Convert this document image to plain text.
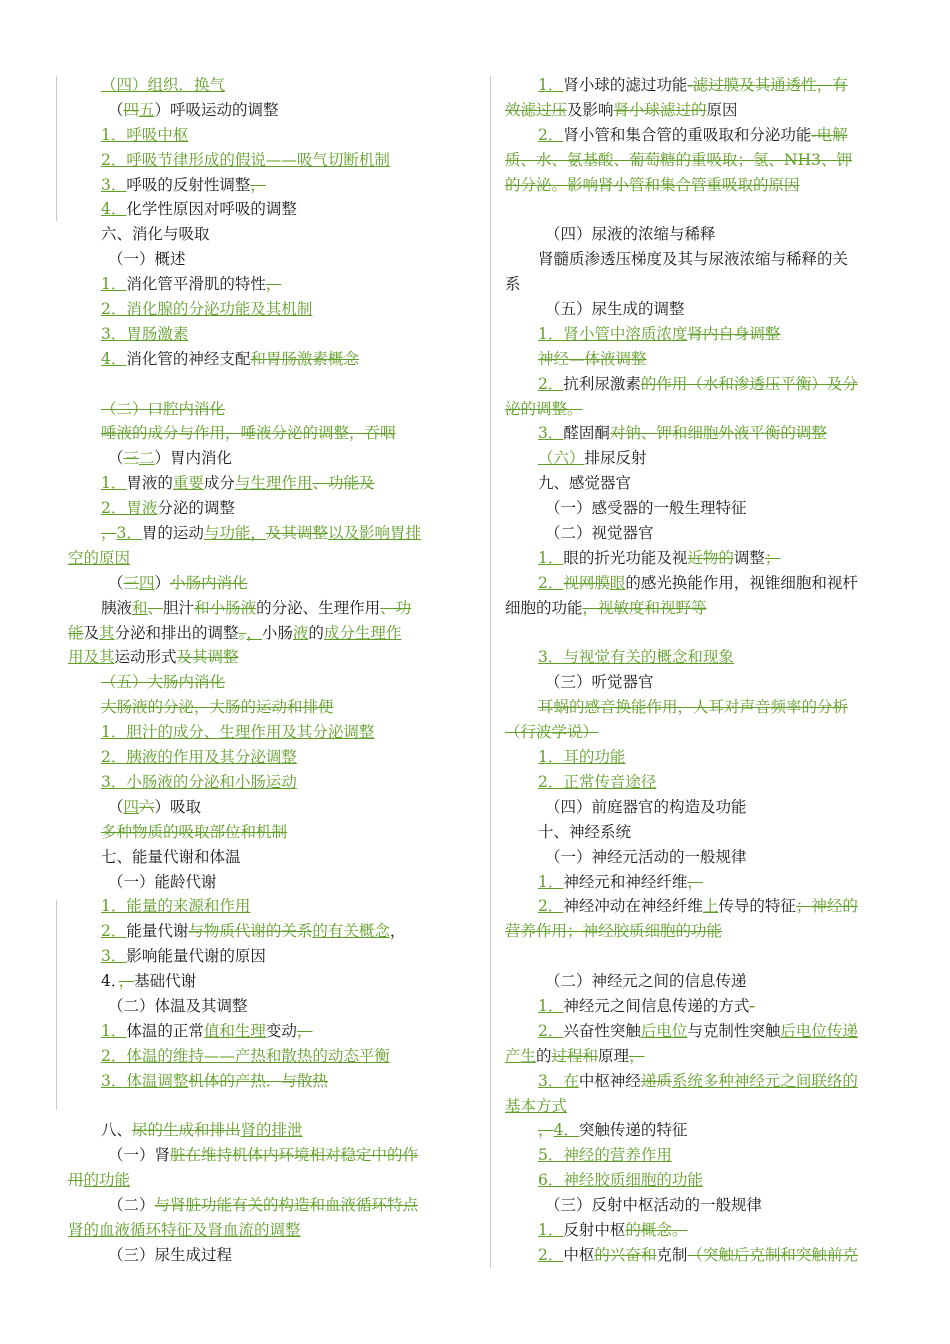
（四）组织．换气
（四五）呼吸运动的调整
1．呼吸中枢
2．呼吸节律形成的假说——吸气切断机制
3．呼吸的反射性调整，
4．化学性原因对呼吸的调整
六、消化与吸取
（一）概述
1．消化管平滑肌的特性，
2．消化腺的分泌功能及其机制
3．胃肠激素
4．消化管的神经支配和胃肠激素概念
（二）口腔内消化
唾液的成分与作用，唾液分泌的调整，吞咽
（三二）胃内消化
1．胃液的重要成分与生理作用、功能及
2．胃液分泌的调整
，3．胃的运动与功能，及其调整以及影响胃排
空的原因
（三四）小肠内消化
胰液和、胆汁和小肠液的分泌、生理作用、功
能及其分泌和排出的调整。，小肠液的成分生理作
用及其运动形式及其调整
（五）大肠内消化
大肠液的分泌，大肠的运动和排便
1．胆汁的成分、生理作用及其分泌调整
2．胰液的作用及其分泌调整
3．小肠液的分泌和小肠运动
（四六）吸取
多种物质的吸取部位和机制
七、能量代谢和体温
（一）能龄代谢
1．能量的来源和作用
2．能量代谢与物质代谢的关系的有关概念，
3．影响能量代谢的原因
4．，基础代谢
（二）体温及其调整
1．体温的正常值和生理变动，
2．体温的维持——产热和散热的动态平衡
3．体温调整机体的产热．与散热
八、尿的生成和排出肾的排泄
（一）肾脏在维持机体内环境相对稳定中的作
用的功能
（二）与肾脏功能有关的构造和血液循环特点
肾的血液循环特征及肾血流的调整
（三）尿生成过程
1．肾小球的滤过功能-滤过膜及其通透性，有
效滤过压及影响肾小球滤过的原因
2．肾小管和集合管的重吸取和分泌功能-电解
质、水、氨基酸、葡萄糖的重吸取；氢、NH3、钾
的分泌。影响肾小管和集合管重吸取的原因
（四）尿液的浓缩与稀释
肾髓质渗透压梯度及其与尿液浓缩与稀释的关
系
（五）尿生成的调整
1．肾小管中溶质浓度肾内自身调整
神经—体液调整
2．抗利尿激素的作用（水和渗透压平衡）及分
泌的调整。
3．醛固酮对钠、钾和细胞外液平衡的调整
（六）排尿反射
九、感觉器官
（一）感受器的一般生理特征
（二）视觉器官
1．眼的折光功能及视近物的调整；
2．视网膜眼的感光换能作用，视锥细胞和视杆
细胞的功能，视敏度和视野等
3．与视觉有关的概念和现象
（三）听觉器官
耳蜗的感音换能作用，人耳对声音频率的分析
（行波学说）
1．耳的功能
2．正常传音途径
（四）前庭器官的构造及功能
十、神经系统
（一）神经元活动的一般规律
1．神经元和神经纤维，
2．神经冲动在神经纤维上传导的特征；神经的
营养作用；神经胶质细胞的功能
（二）神经元之间的信息传递
1．神经元之间信息传递的方式-
2．兴奋性突触后电位与克制性突触后电位传递
产生的过程和原理，
3．在中枢神经递质系统多种神经元之间联络的
基本方式
，4．突触传递的特征
5．神经的营养作用
6．神经胶质细胞的功能
（三）反射中枢活动的一般规律
1．反射中枢的概念。
2．中枢的兴奋和克制（突触后克制和突触前克
